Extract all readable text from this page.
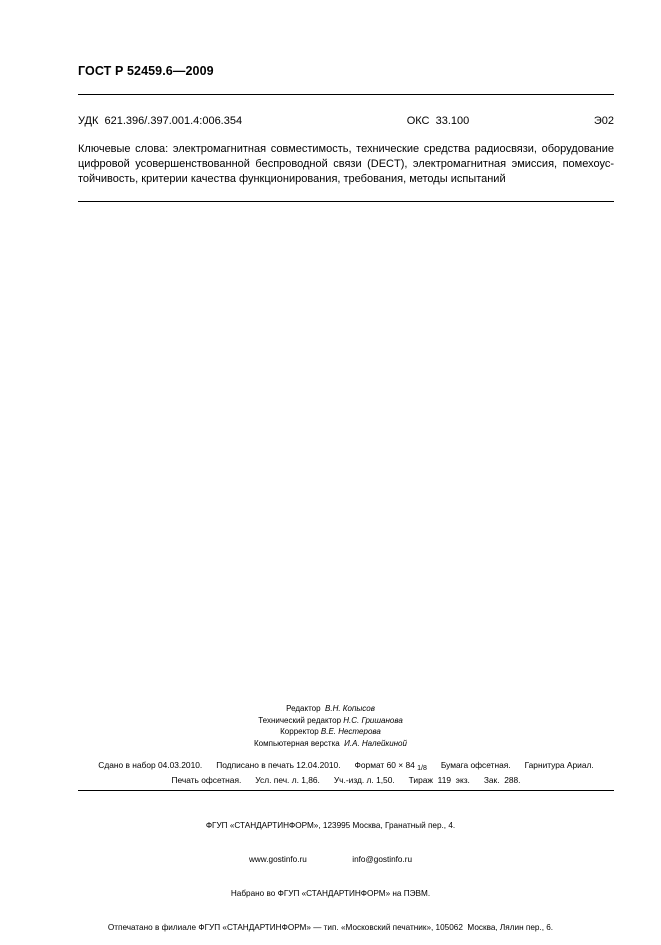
ГОСТ Р 52459.6—2009
УДК  621.396/.397.001.4:006.354	ОКС  33.100	Э02
Ключевые слова: электромагнитная совместимость, технические средства радиосвязи, оборудование
цифровой усовершенствованной беспроводной связи (DECT), электромагнитная эмиссия, помехоус-
тойчивость, критерии качества функционирования, требования, методы испытаний
Редактор В.Н. Копысов
Технический редактор Н.С. Гришанова
Корректор В.Е. Нестерова
Компьютерная верстка И.А. Налейкиной
Сдано в набор 04.03.2010. Подписано в печать 12.04.2010. Формат 60 × 84 1/8 Бумага офсетная. Гарнитура Ариал.
Печать офсетная. Усл. печ. л. 1,86. Уч.-изд. л. 1,50. Тираж  119  экз. Зак.  288.

ФГУП «СТАНДАРТИНФОРМ», 123995 Москва, Гранатный пер., 4.

www.gostinfo.ru                    info@gostinfo.ru

Набрано во ФГУП «СТАНДАРТИНФОРМ» на ПЭВМ.

Отпечатано в филиале ФГУП «СТАНДАРТИНФОРМ» — тип. «Московский печатник», 105062  Москва, Лялин пер., 6.
